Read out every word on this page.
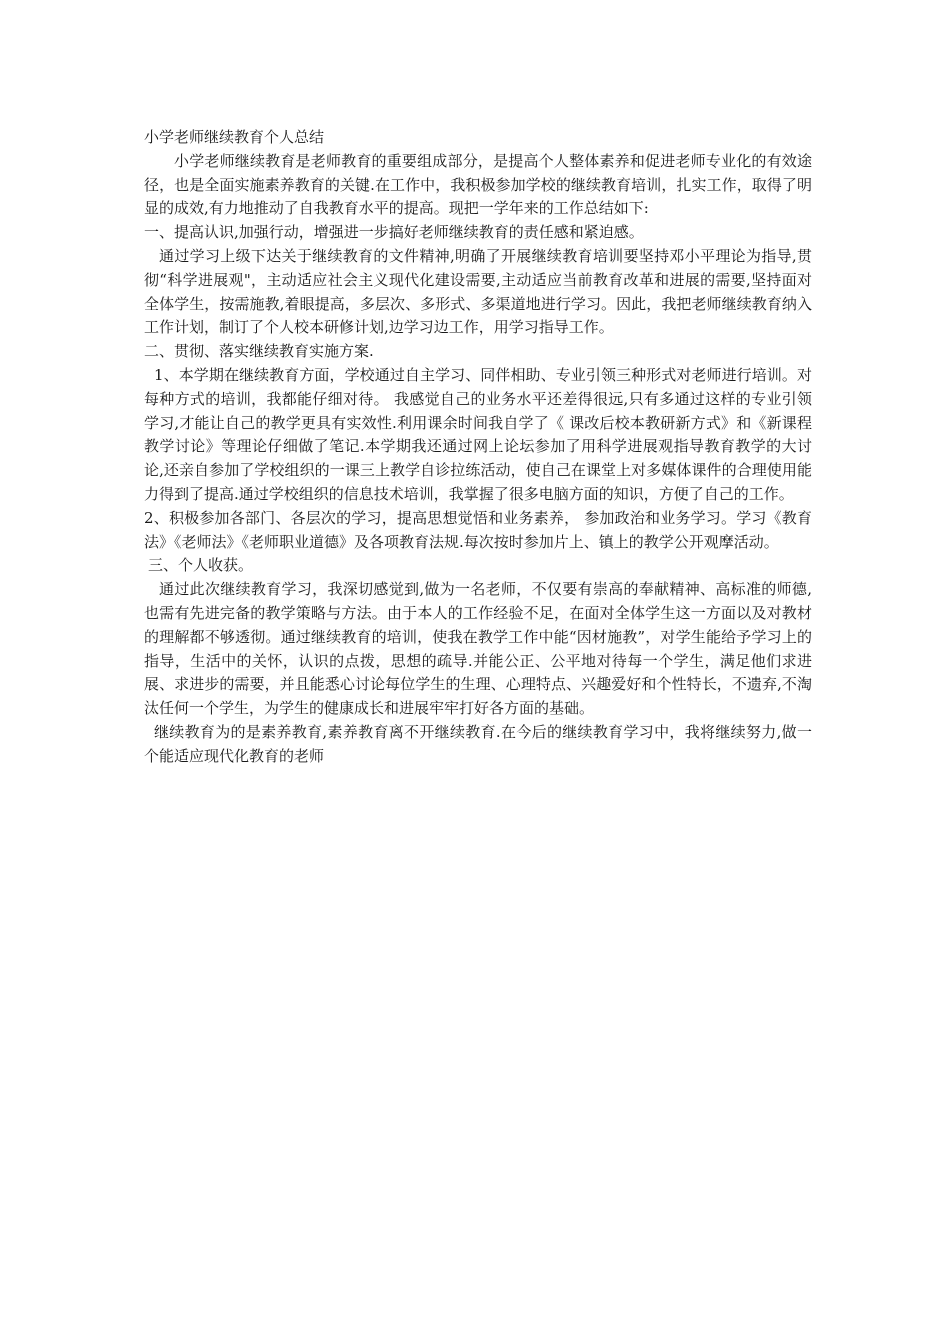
小学老师继续教育个人总结

小学老师继续教育是老师教育的重要组成部分，是提高个人整体素养和促进老师专业化的有效途径，也是全面实施素养教育的关键.在工作中，我积极参加学校的继续教育培训，扎实工作，取得了明显的成效,有力地推动了自我教育水平的提高。现把一学年来的工作总结如下:

一、提高认识,加强行动，增强进一步搞好老师继续教育的责任感和紧迫感。

通过学习上级下达关于继续教育的文件精神,明确了开展继续教育培训要坚持邓小平理论为指导,贯彻“科学进展观"，主动适应社会主义现代化建设需要,主动适应当前教育改革和进展的需要,坚持面对全体学生，按需施教,着眼提高，多层次、多形式、多渠道地进行学习。因此，我把老师继续教育纳入工作计划，制订了个人校本研修计划,边学习边工作，用学习指导工作。

二、贯彻、落实继续教育实施方案.

1、本学期在继续教育方面，学校通过自主学习、同伴相助、专业引领三种形式对老师进行培训。对每种方式的培训，我都能仔细对待。 我感觉自己的业务水平还差得很远,只有多通过这样的专业引领学习,才能让自己的教学更具有实效性.利用课余时间我自学了《 课改后校本教研新方式》和《新课程教学讨论》等理论仔细做了笔记.本学期我还通过网上论坛参加了用科学进展观指导教育教学的大讨论,还亲自参加了学校组织的一课三上教学自诊拉练活动，使自己在课堂上对多媒体课件的合理使用能力得到了提高.通过学校组织的信息技术培训，我掌握了很多电脑方面的知识，方便了自己的工作。

2、积极参加各部门、各层次的学习，提高思想觉悟和业务素养， 参加政治和业务学习。学习《教育法》《老师法》《老师职业道德》及各项教育法规.每次按时参加片上、镇上的教学公开观摩活动。

三、个人收获。

通过此次继续教育学习，我深切感觉到,做为一名老师，不仅要有崇高的奉献精神、高标准的师德,也需有先进完备的教学策略与方法。由于本人的工作经验不足，在面对全体学生这一方面以及对教材的理解都不够透彻。通过继续教育的培训，使我在教学工作中能“因材施教”，对学生能给予学习上的指导，生活中的关怀，认识的点拨，思想的疏导.并能公正、公平地对待每一个学生，满足他们求进展、求进步的需要，并且能悉心讨论每位学生的生理、心理特点、兴趣爱好和个性特长，不遗弃,不淘汰任何一个学生，为学生的健康成长和进展牢牢打好各方面的基础。

继续教育为的是素养教育,素养教育离不开继续教育.在今后的继续教育学习中，我将继续努力,做一个能适应现代化教育的老师
